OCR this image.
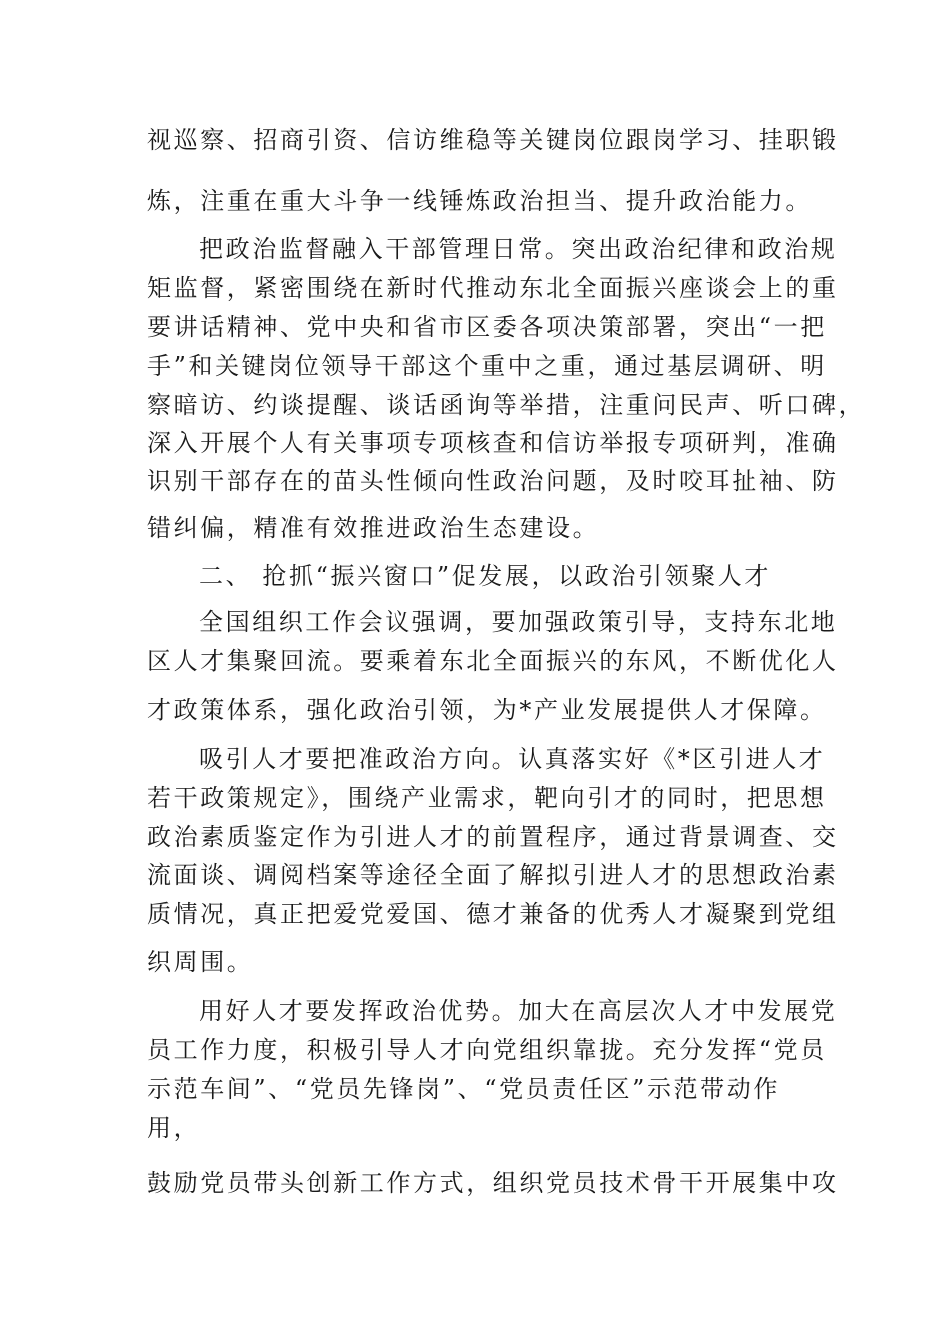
视巡察、招商引资、信访维稳等关键岗位跟岗学习、挂职锻

炼，注重在重大斗争一线锤炼政治担当、提升政治能力。

把政治监督融入干部管理日常。突出政治纪律和政治规

矩监督，紧密围绕在新时代推动东北全面振兴座谈会上的重

要讲话精神、党中央和省市区委各项决策部署，突出“一把

手”和关键岗位领导干部这个重中之重，通过基层调研、明

察暗访、约谈提醒、谈话函询等举措，注重问民声、听口碑，

深入开展个人有关事项专项核查和信访举报专项研判，准确

识别干部存在的苗头性倾向性政治问题，及时咬耳扯袖、防

错纠偏，精准有效推进政治生态建设。

二、 抢抓“振兴窗口”促发展，以政治引领聚人才

全国组织工作会议强调，要加强政策引导，支持东北地

区人才集聚回流。要乘着东北全面振兴的东风，不断优化人

才政策体系，强化政治引领，为*产业发展提供人才保障。

吸引人才要把准政治方向。认真落实好《*区引进人才

若干政策规定》，围绕产业需求，靶向引才的同时，把思想

政治素质鉴定作为引进人才的前置程序，通过背景调查、交

流面谈、调阅档案等途径全面了解拟引进人才的思想政治素

质情况，真正把爱党爱国、德才兼备的优秀人才凝聚到党组

织周围。

用好人才要发挥政治优势。加大在高层次人才中发展党

员工作力度，积极引导人才向党组织靠拢。充分发挥“党员

示范车间”、“党员先锋岗”、“党员责任区”示范带动作

用，

鼓励党员带头创新工作方式，组织党员技术骨干开展集中攻
